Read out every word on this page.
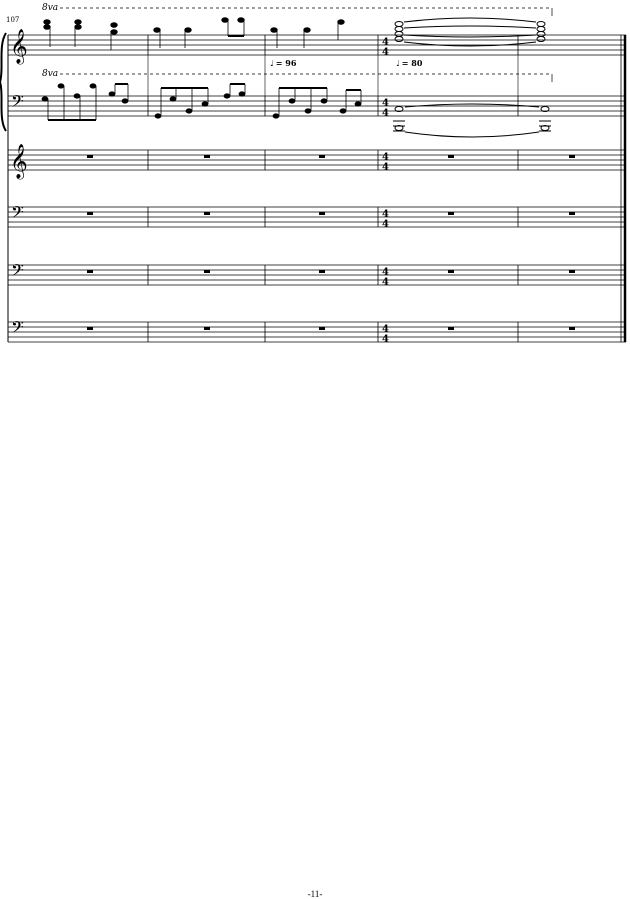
107
𝄞
8va
♩ = 96
4
4
♩ = 80
𝄢
8va
4
4
𝄞	4
4
𝄢	4
4
𝄢	4
4
𝄢	4
4
-11-
